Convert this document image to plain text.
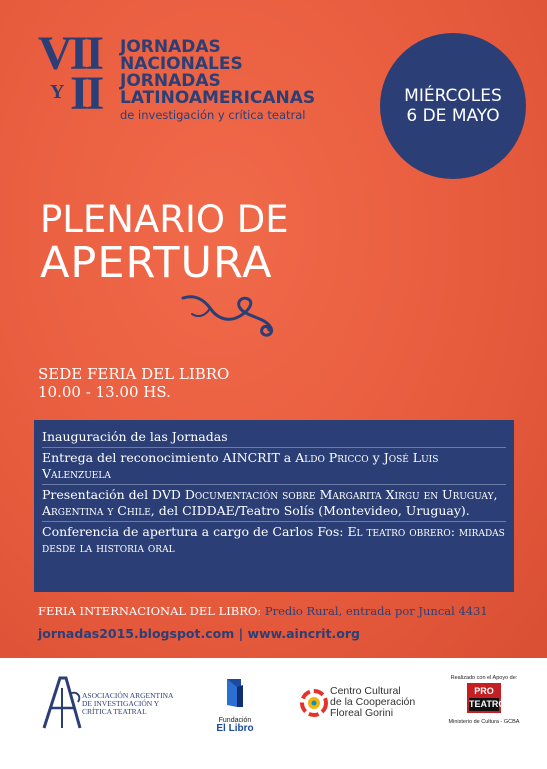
VII
Y II
JORNADAS
NACIONALES
JORNADAS
LATINOAMERICANAS
de investigación y crítica teatral
MIÉRCOLES
6 DE MAYO
PLENARIO DE
APERTURA
SEDE FERIA DEL LIBRO
10.00 - 13.00 HS.
Inauguración de las Jornadas
Entrega del reconocimiento AINCRIT a Aldo Pricco y José Luis Valenzuela
Presentación del DVD Documentación sobre Margarita Xirgu en Uruguay, Argentina y Chile, del CIDDAE/Teatro Solís (Montevideo, Uruguay).
Conferencia de apertura a cargo de Carlos Fos: El teatro obrero: miradas desde la historia oral
FERIA INTERNACIONAL DEL LIBRO: Predio Rural, entrada por Juncal 4431
jornadas2015.blogspot.com | www.aincrit.org
ASOCIACIÓN ARGENTINA DE INVESTIGACIÓN Y CRÍTICA TEATRAL
Fundación
El Libro
Centro Cultural
de la Cooperación
Floreal Gorini
Realizado con el Apoyo de:
PRO
TEATRO
Ministerio de Cultura - GCBA
